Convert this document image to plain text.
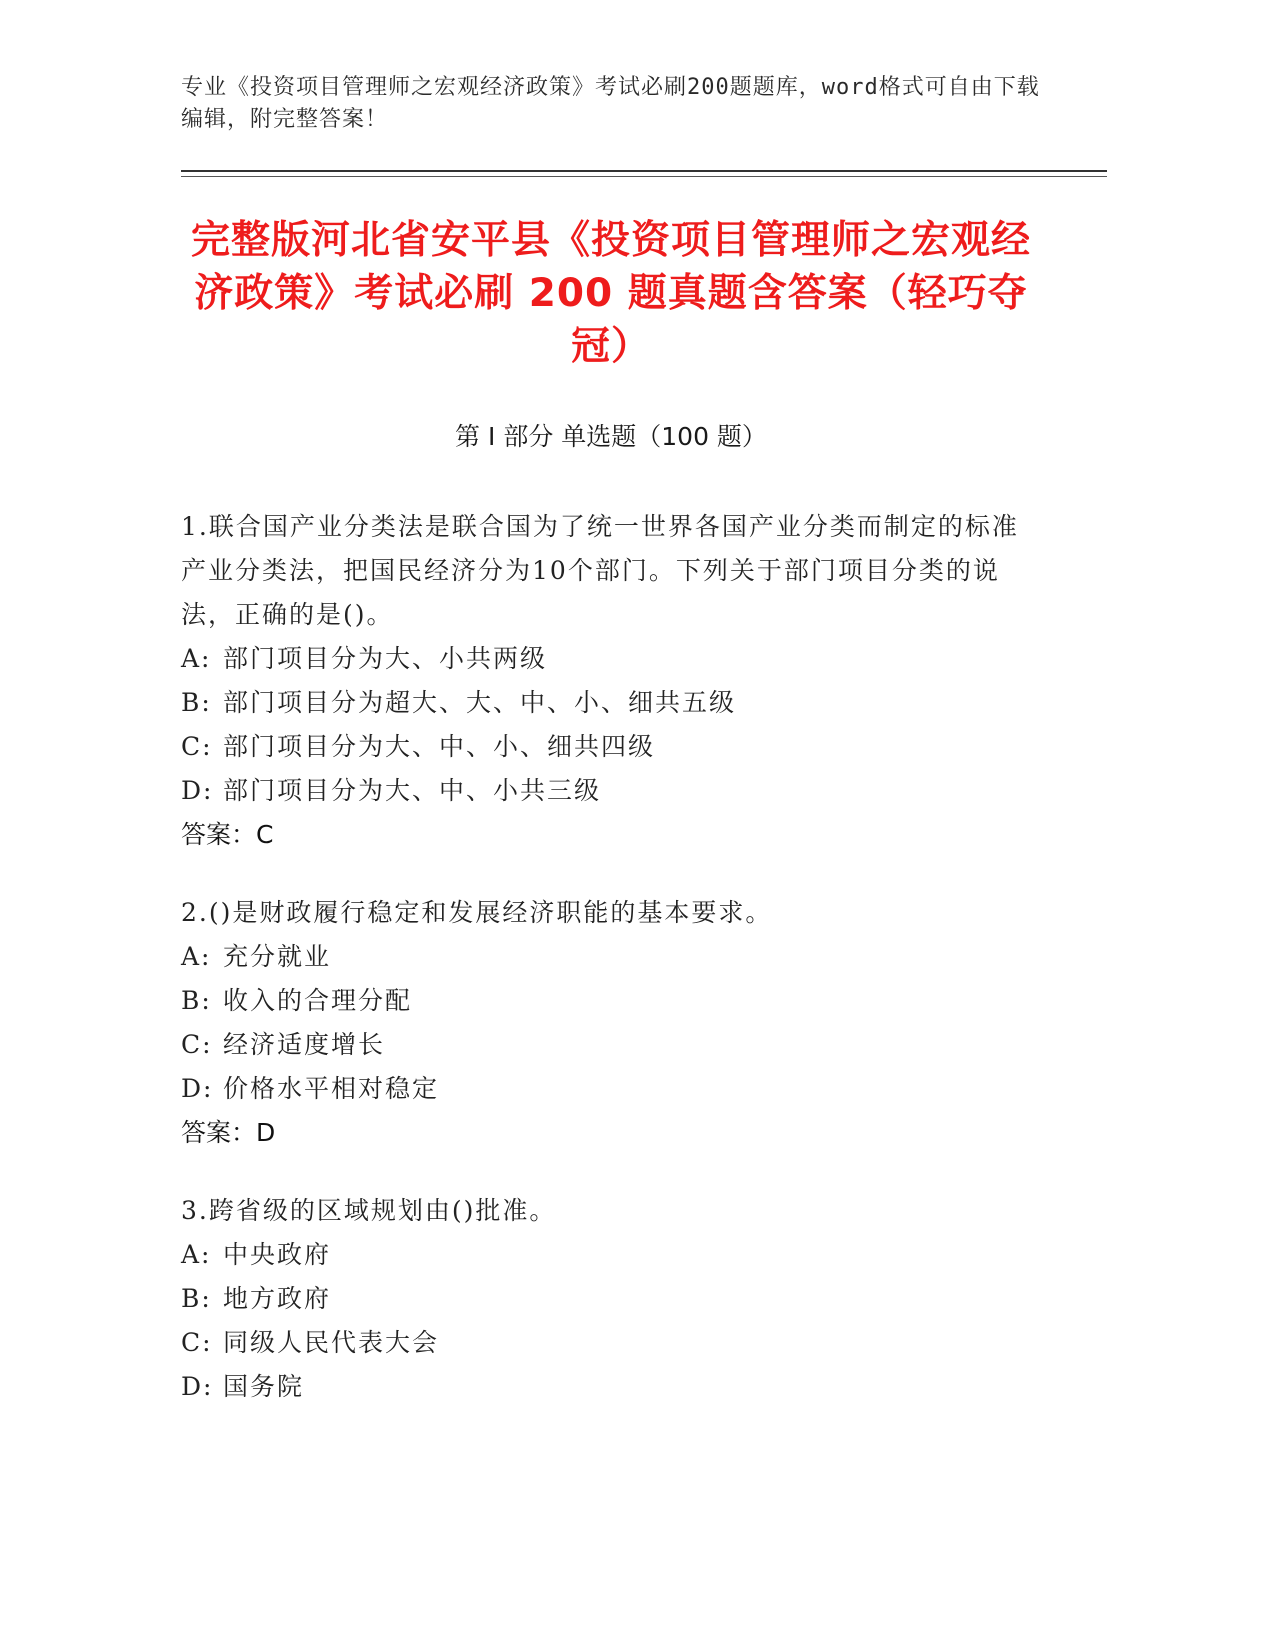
专业《投资项目管理师之宏观经济政策》考试必刷200题题库，word格式可自由下载编辑，附完整答案！
完整版河北省安平县《投资项目管理师之宏观经济政策》考试必刷 200 题真题含答案（轻巧夺冠）
第 I 部分 单选题（100 题）
1.联合国产业分类法是联合国为了统一世界各国产业分类而制定的标准产业分类法，把国民经济分为10个部门。下列关于部门项目分类的说法，正确的是()。
A: 部门项目分为大、小共两级
B: 部门项目分为超大、大、中、小、细共五级
C: 部门项目分为大、中、小、细共四级
D: 部门项目分为大、中、小共三级
答案：C
2.()是财政履行稳定和发展经济职能的基本要求。
A: 充分就业
B: 收入的合理分配
C: 经济适度增长
D: 价格水平相对稳定
答案：D
3.跨省级的区域规划由()批准。
A: 中央政府
B: 地方政府
C: 同级人民代表大会
D: 国务院
